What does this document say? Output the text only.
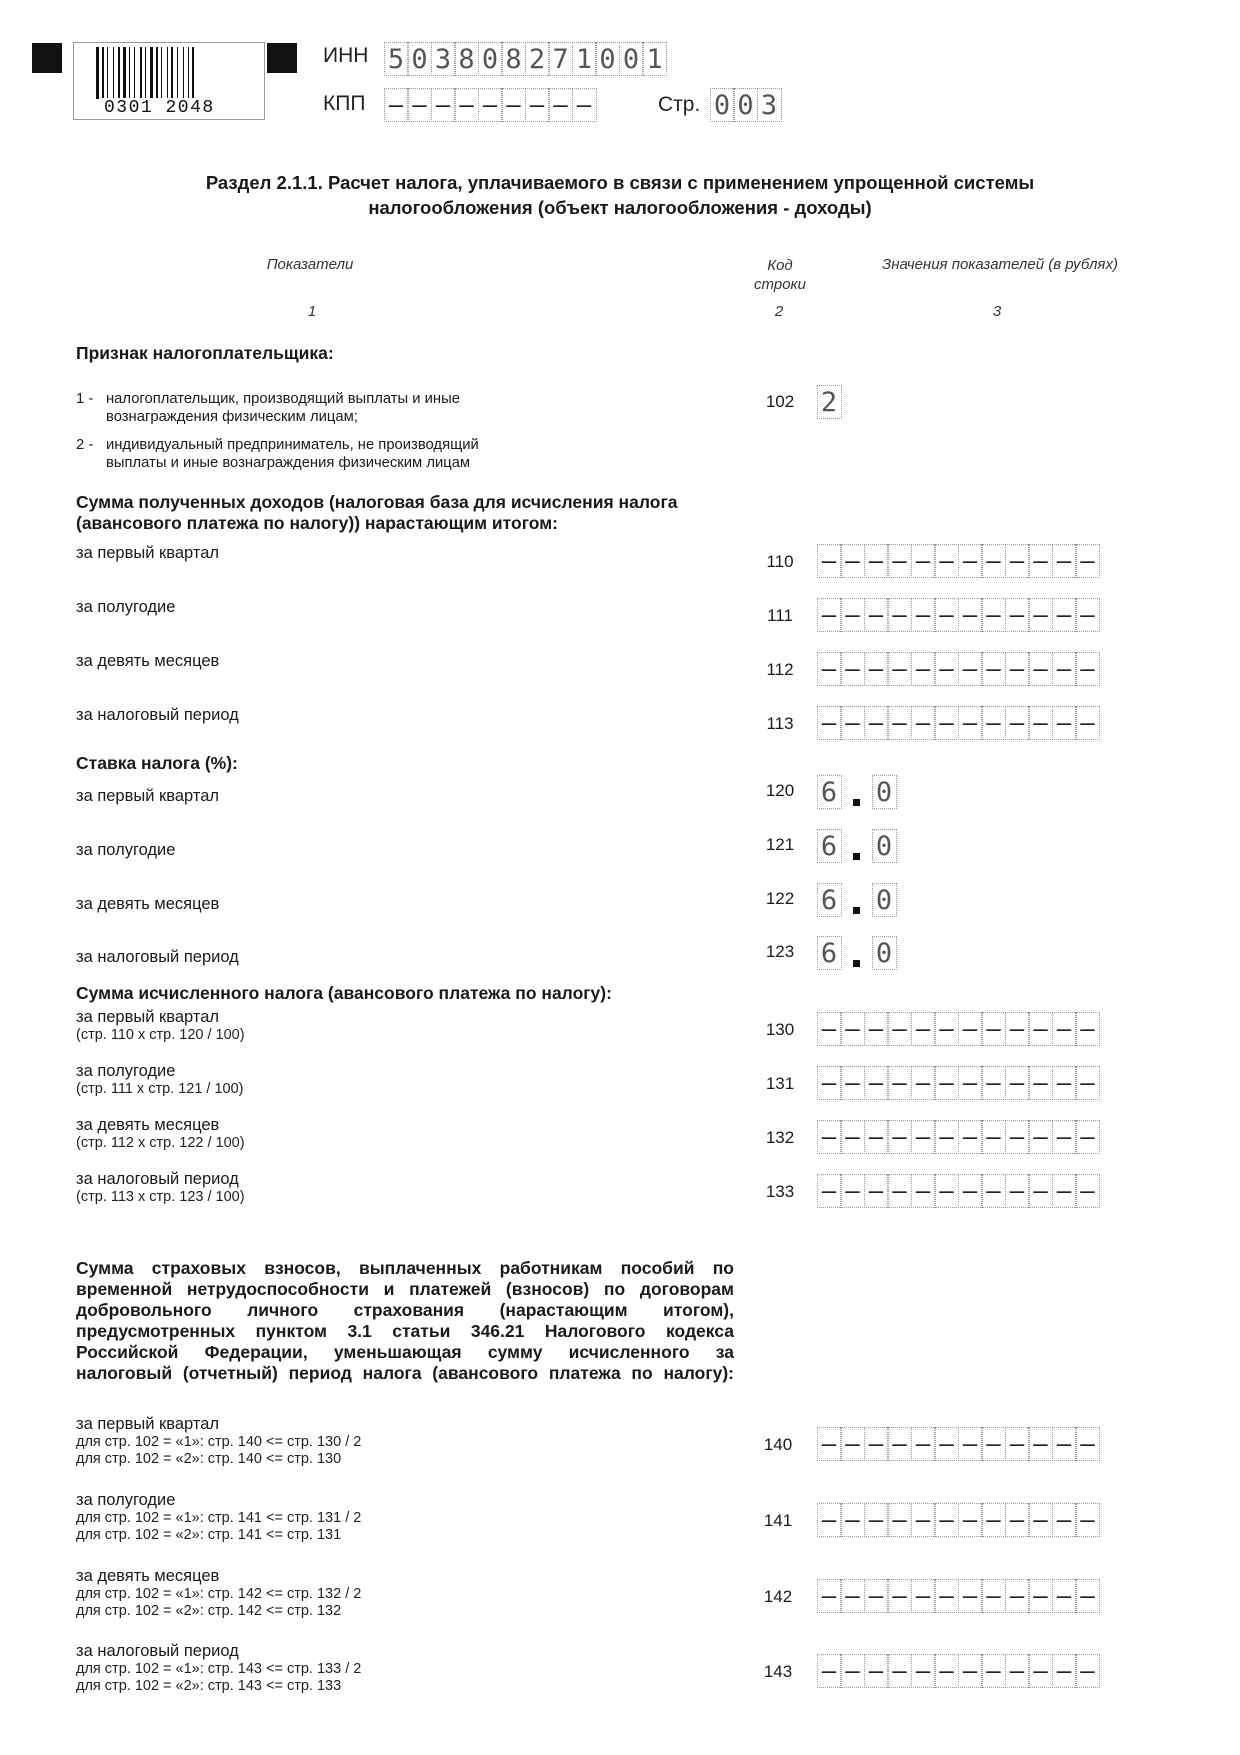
0301 2048
ИНН 5 0 3 8 0 8 2 7 1 0 0 1
КПП – – – – – – – – –	Стр. 0 0 3
Раздел 2.1.1. Расчет налога, уплачиваемого в связи с применением упрощенной системы
налогообложения (объект налогообложения - доходы)
Показатели	Код
строки
Значения показателей (в рублях)
1	2	3
Признак налогоплательщика:
1 - налогоплательщик, производящий выплаты и иные
вознаграждения физическим лицам;
2 - индивидуальный предприниматель, не производящий
выплаты и иные вознаграждения физическим лицам
102 2
Сумма полученных доходов (налоговая база для исчисления налога
(авансового платежа по налогу)) нарастающим итогом:
за первый квартал	110	– – – – – – – – – – – –
за полугодие	111	– – – – – – – – – – – –
за девять месяцев	112	– – – – – – – – – – – –
за налоговый период	113	– – – – – – – – – – – –
Ставка налога (%):
за первый квартал	120 6 0
за полугодие	121 6 0
за девять месяцев	122 6 0
за налоговый период	123 6 0
Сумма исчисленного налога (авансового платежа по налогу):
за первый квартал
(стр. 110 х стр. 120 / 100)	130	– – – – – – – – – – – –
за полугодие
(стр. 111 х стр. 121 / 100)	131	– – – – – – – – – – – –
за девять месяцев
(стр. 112 х стр. 122 / 100)	132	– – – – – – – – – – – –
за налоговый период
(стр. 113 х стр. 123 / 100)	133	– – – – – – – – – – – –
Сумма страховых взносов, выплаченных работникам пособий по
временной нетрудоспособности и платежей (взносов) по договорам
добровольного личного страхования (нарастающим итогом),
предусмотренных пунктом 3.1 статьи 346.21 Налогового кодекса
Российской Федерации, уменьшающая сумму исчисленного за
налоговый (отчетный) период налога (авансового платежа по налогу):
за первый квартал
для стр. 102 = «1»: стр. 140 <= стр. 130 / 2
для стр. 102 = «2»: стр. 140 <= стр. 130
140	– – – – – – – – – – – –
за полугодие
для стр. 102 = «1»: стр. 141 <= стр. 131 / 2
для стр. 102 = «2»: стр. 141 <= стр. 131
141	– – – – – – – – – – – –
за девять месяцев
для стр. 102 = «1»: стр. 142 <= стр. 132 / 2
для стр. 102 = «2»: стр. 142 <= стр. 132
142	– – – – – – – – – – – –
за налоговый период
для стр. 102 = «1»: стр. 143 <= стр. 133 / 2
для стр. 102 = «2»: стр. 143 <= стр. 133
143	– – – – – – – – – – – –
